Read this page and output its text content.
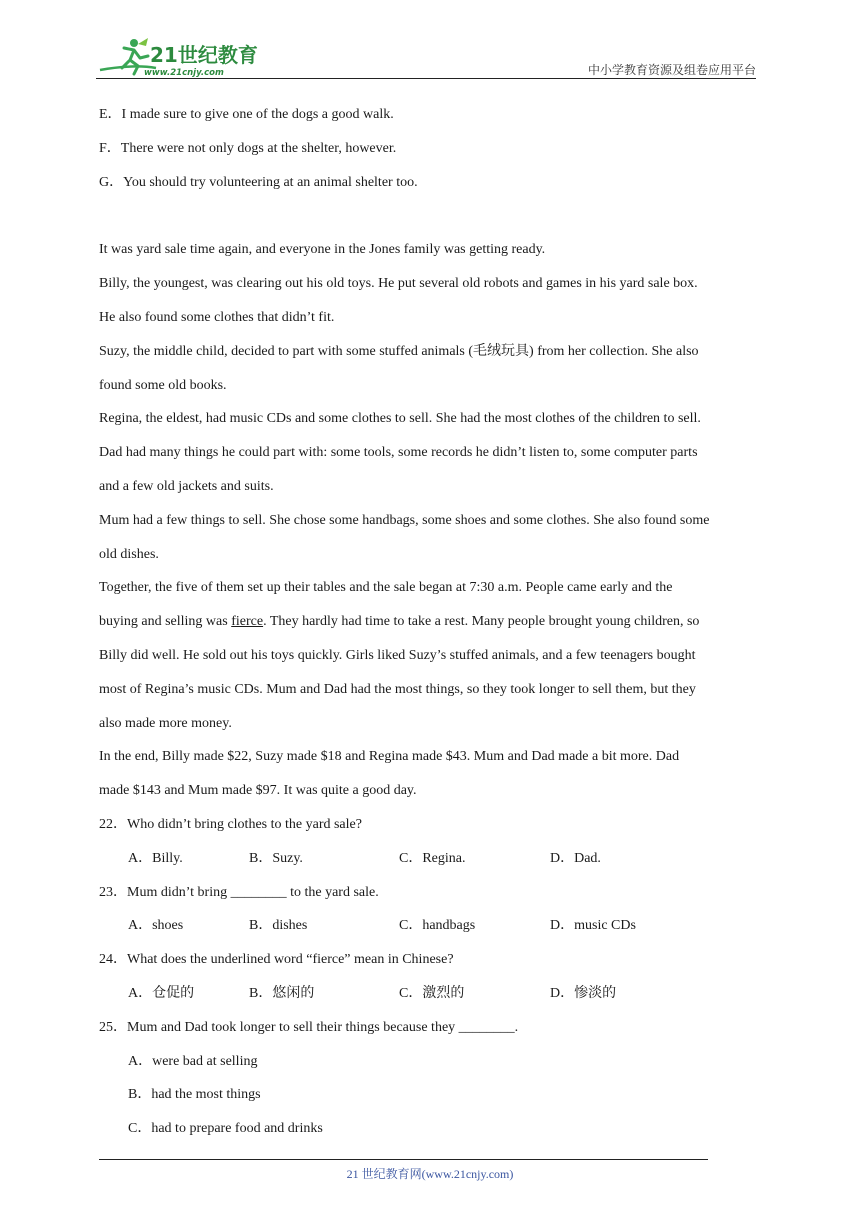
21世纪教育
www.21cnjy.com	中小学教育资源及组卷应用平台
E．I made sure to give one of the dogs a good walk.
F．There were not only dogs at the shelter, however.
G．You should try volunteering at an animal shelter too.
It was yard sale time again, and everyone in the Jones family was getting ready.
Billy, the youngest, was clearing out his old toys. He put several old robots and games in his yard sale box.
He also found some clothes that didn’t fit.
Suzy, the middle child, decided to part with some stuffed animals (毛绒玩具) from her collection. She also
found some old books.
Regina, the eldest, had music CDs and some clothes to sell. She had the most clothes of the children to sell.
Dad had many things he could part with: some tools, some records he didn’t listen to, some computer parts
and a few old jackets and suits.
Mum had a few things to sell. She chose some handbags, some shoes and some clothes. She also found some
old dishes.
Together, the five of them set up their tables and the sale began at 7:30 a.m. People came early and the
buying and selling was fierce. They hardly had time to take a rest. Many people brought young children, so
Billy did well. He sold out his toys quickly. Girls liked Suzy’s stuffed animals, and a few teenagers bought
most of Regina’s music CDs. Mum and Dad had the most things, so they took longer to sell them, but they
also made more money.
In the end, Billy made $22, Suzy made $18 and Regina made $43. Mum and Dad made a bit more. Dad
made $143 and Mum made $97. It was quite a good day.
22．Who didn’t bring clothes to the yard sale?
A．Billy.	B．Suzy.	C．Regina.	D．Dad.
23．Mum didn’t bring ________ to the yard sale.
A．shoes	B．dishes	C．handbags	D．music CDs
24．What does the underlined word “fierce” mean in Chinese?
A．仓促的	B．悠闲的	C．激烈的	D．惨淡的
25．Mum and Dad took longer to sell their things because they ________.
A．were bad at selling
B．had the most things
C．had to prepare food and drinks
21 世纪教育网(www.21cnjy.com)
